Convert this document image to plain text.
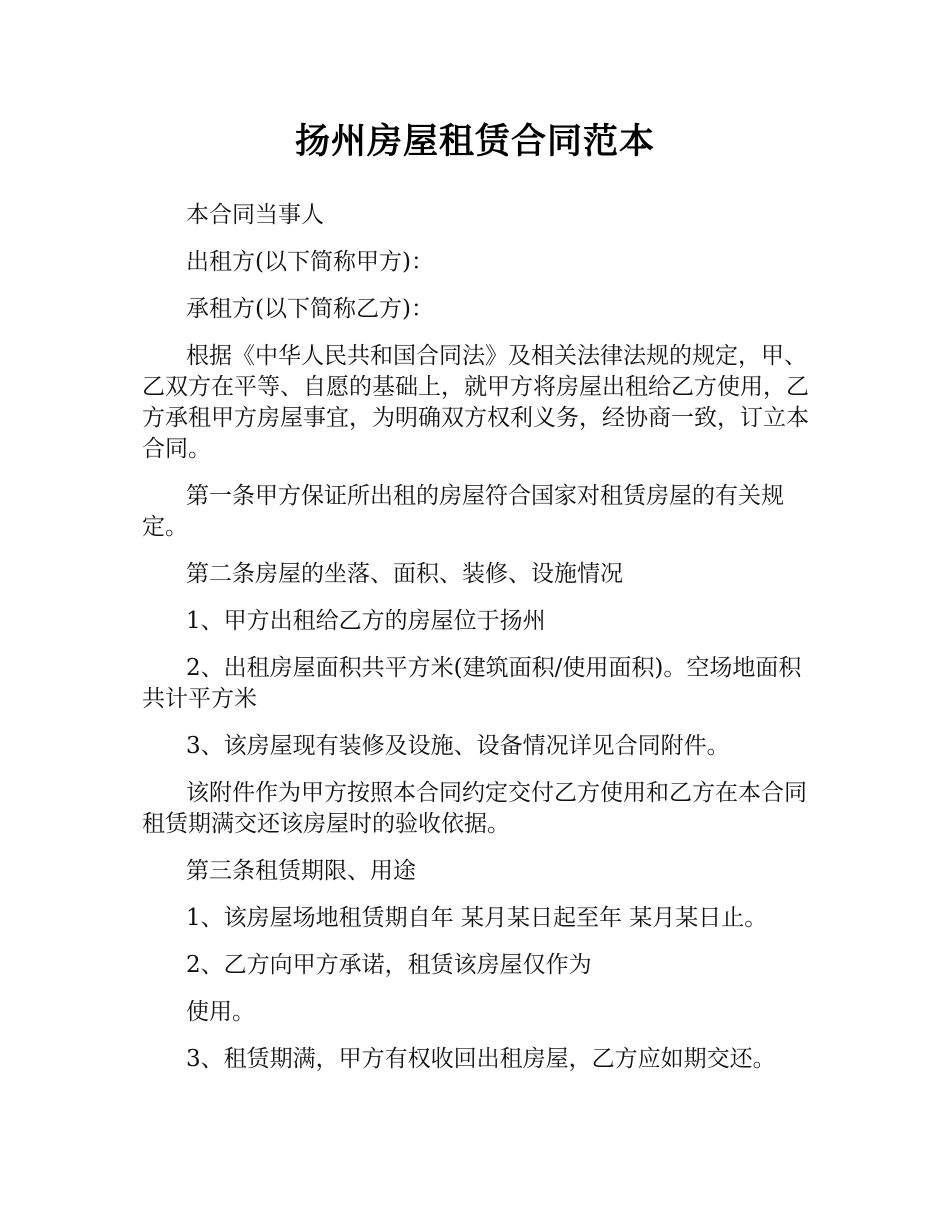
扬州房屋租赁合同范本

本合同当事人

出租方(以下简称甲方)：

承租方(以下简称乙方)：

根据《中华人民共和国合同法》及相关法律法规的规定，甲、乙双方在平等、自愿的基础上，就甲方将房屋出租给乙方使用，乙方承租甲方房屋事宜，为明确双方权利义务，经协商一致，订立本合同。

第一条甲方保证所出租的房屋符合国家对租赁房屋的有关规定。

第二条房屋的坐落、面积、装修、设施情况

1、甲方出租给乙方的房屋位于扬州

2、出租房屋面积共平方米(建筑面积/使用面积)。空场地面积共计平方米

3、该房屋现有装修及设施、设备情况详见合同附件。

该附件作为甲方按照本合同约定交付乙方使用和乙方在本合同租赁期满交还该房屋时的验收依据。

第三条租赁期限、用途

1、该房屋场地租赁期自年 某月某日起至年 某月某日止。

2、乙方向甲方承诺，租赁该房屋仅作为

使用。

3、租赁期满，甲方有权收回出租房屋，乙方应如期交还。
